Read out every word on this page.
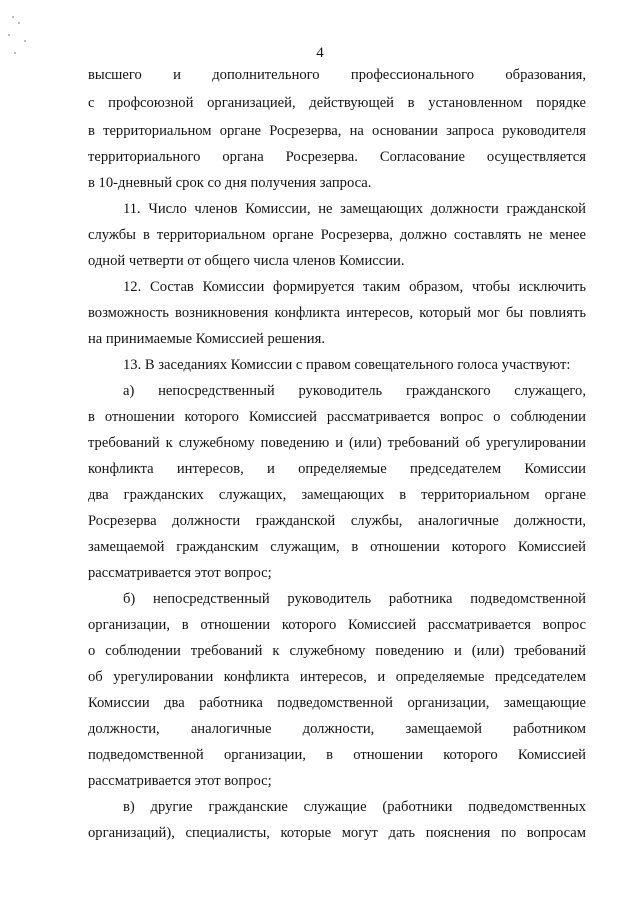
4
высшего и дополнительного профессионального образования,
с профсоюзной организацией, действующей в установленном порядке
в территориальном органе Росрезерва, на основании запроса руководителя
территориального органа Росрезерва. Согласование осуществляется
в 10-дневный срок со дня получения запроса.
11. Число членов Комиссии, не замещающих должности гражданской
службы в территориальном органе Росрезерва, должно составлять не менее
одной четверти от общего числа членов Комиссии.
12. Состав Комиссии формируется таким образом, чтобы исключить
возможность возникновения конфликта интересов, который мог бы повлиять
на принимаемые Комиссией решения.
13. В заседаниях Комиссии с правом совещательного голоса участвуют:
а) непосредственный руководитель гражданского служащего,
в отношении которого Комиссией рассматривается вопрос о соблюдении
требований к служебному поведению и (или) требований об урегулировании
конфликта интересов, и определяемые председателем Комиссии
два гражданских служащих, замещающих в территориальном органе
Росрезерва должности гражданской службы, аналогичные должности,
замещаемой гражданским служащим, в отношении которого Комиссией
рассматривается этот вопрос;
б) непосредственный руководитель работника подведомственной
организации, в отношении которого Комиссией рассматривается вопрос
о соблюдении требований к служебному поведению и (или) требований
об урегулировании конфликта интересов, и определяемые председателем
Комиссии два работника подведомственной организации, замещающие
должности, аналогичные должности, замещаемой работником
подведомственной организации, в отношении которого Комиссией
рассматривается этот вопрос;
в) другие гражданские служащие (работники подведомственных
организаций), специалисты, которые могут дать пояснения по вопросам
